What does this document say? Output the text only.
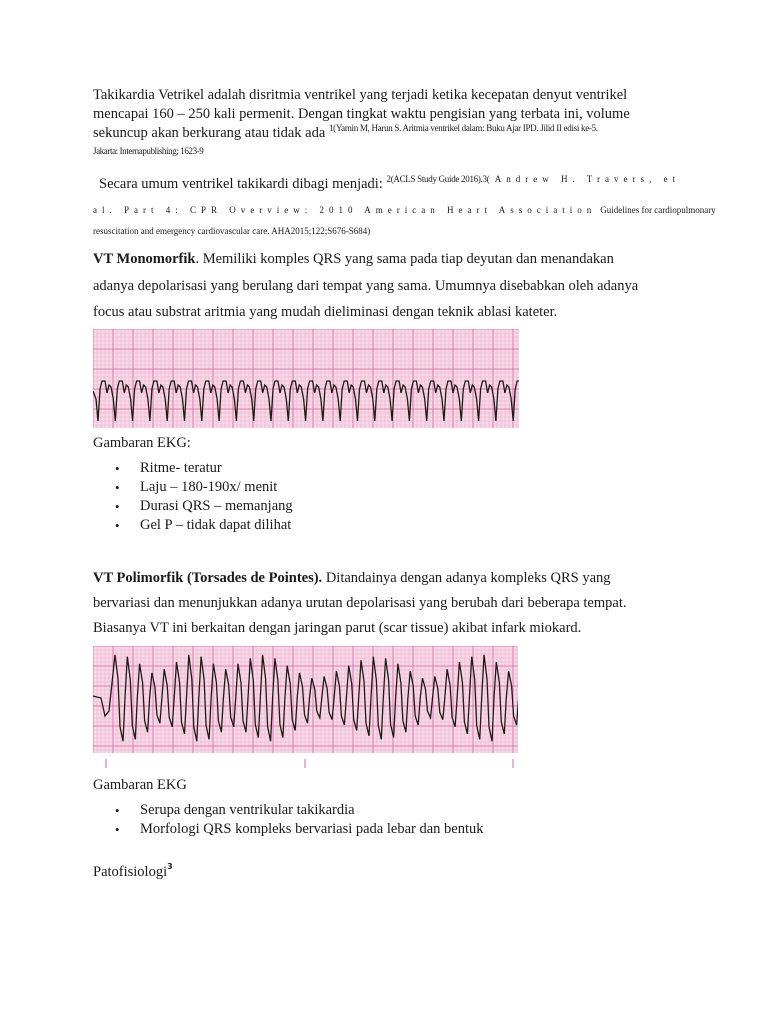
Takikardia Vetrikel adalah disritmia ventrikel yang terjadi ketika kecepatan denyut ventrikel
mencapai 160 – 250 kali permenit. Dengan tingkat waktu pengisian yang terbata ini, volume
sekuncup akan berkurang atau tidak ada $^{1(Yamin M, Harun S. Aritmia ventrikel dalam: Buku Ajar IPD. Jilid II edisi ke-5.}$
Jakarta: Internapublishing; 1623-9
Secara umum ventrikel takikardi dibagi menjadi: $^{2(ACLS Study Guide 2016).3(Andrew H. Travers, et}$
al. Part 4: CPR Overview: 2010 American Heart Association Guidelines for cardiopulmonary
resuscitation and emergency cardiovascular care. AHA2015;122;S676-S684)
VT Monomorfik. Memiliki komples QRS yang sama pada tiap deyutan dan menandakan
adanya depolarisasi yang berulang dari tempat yang sama. Umumnya disebabkan oleh adanya
focus atau substrat aritmia yang mudah dieliminasi dengan teknik ablasi kateter.
Gambaran EKG:
• Ritme- teratur
• Laju – 180-190x/ menit
• Durasi QRS – memanjang
• Gel P – tidak dapat dilihat
VT Polimorfik (Torsades de Pointes). Ditandainya dengan adanya kompleks QRS yang
bervariasi dan menunjukkan adanya urutan depolarisasi yang berubah dari beberapa tempat.
Biasanya VT ini berkaitan dengan jaringan parut (scar tissue) akibat infark miokard.
Gambaran EKG
• Serupa dengan ventrikular takikardia
• Morfologi QRS kompleks bervariasi pada lebar dan bentuk
Patofisiologi$^3$
